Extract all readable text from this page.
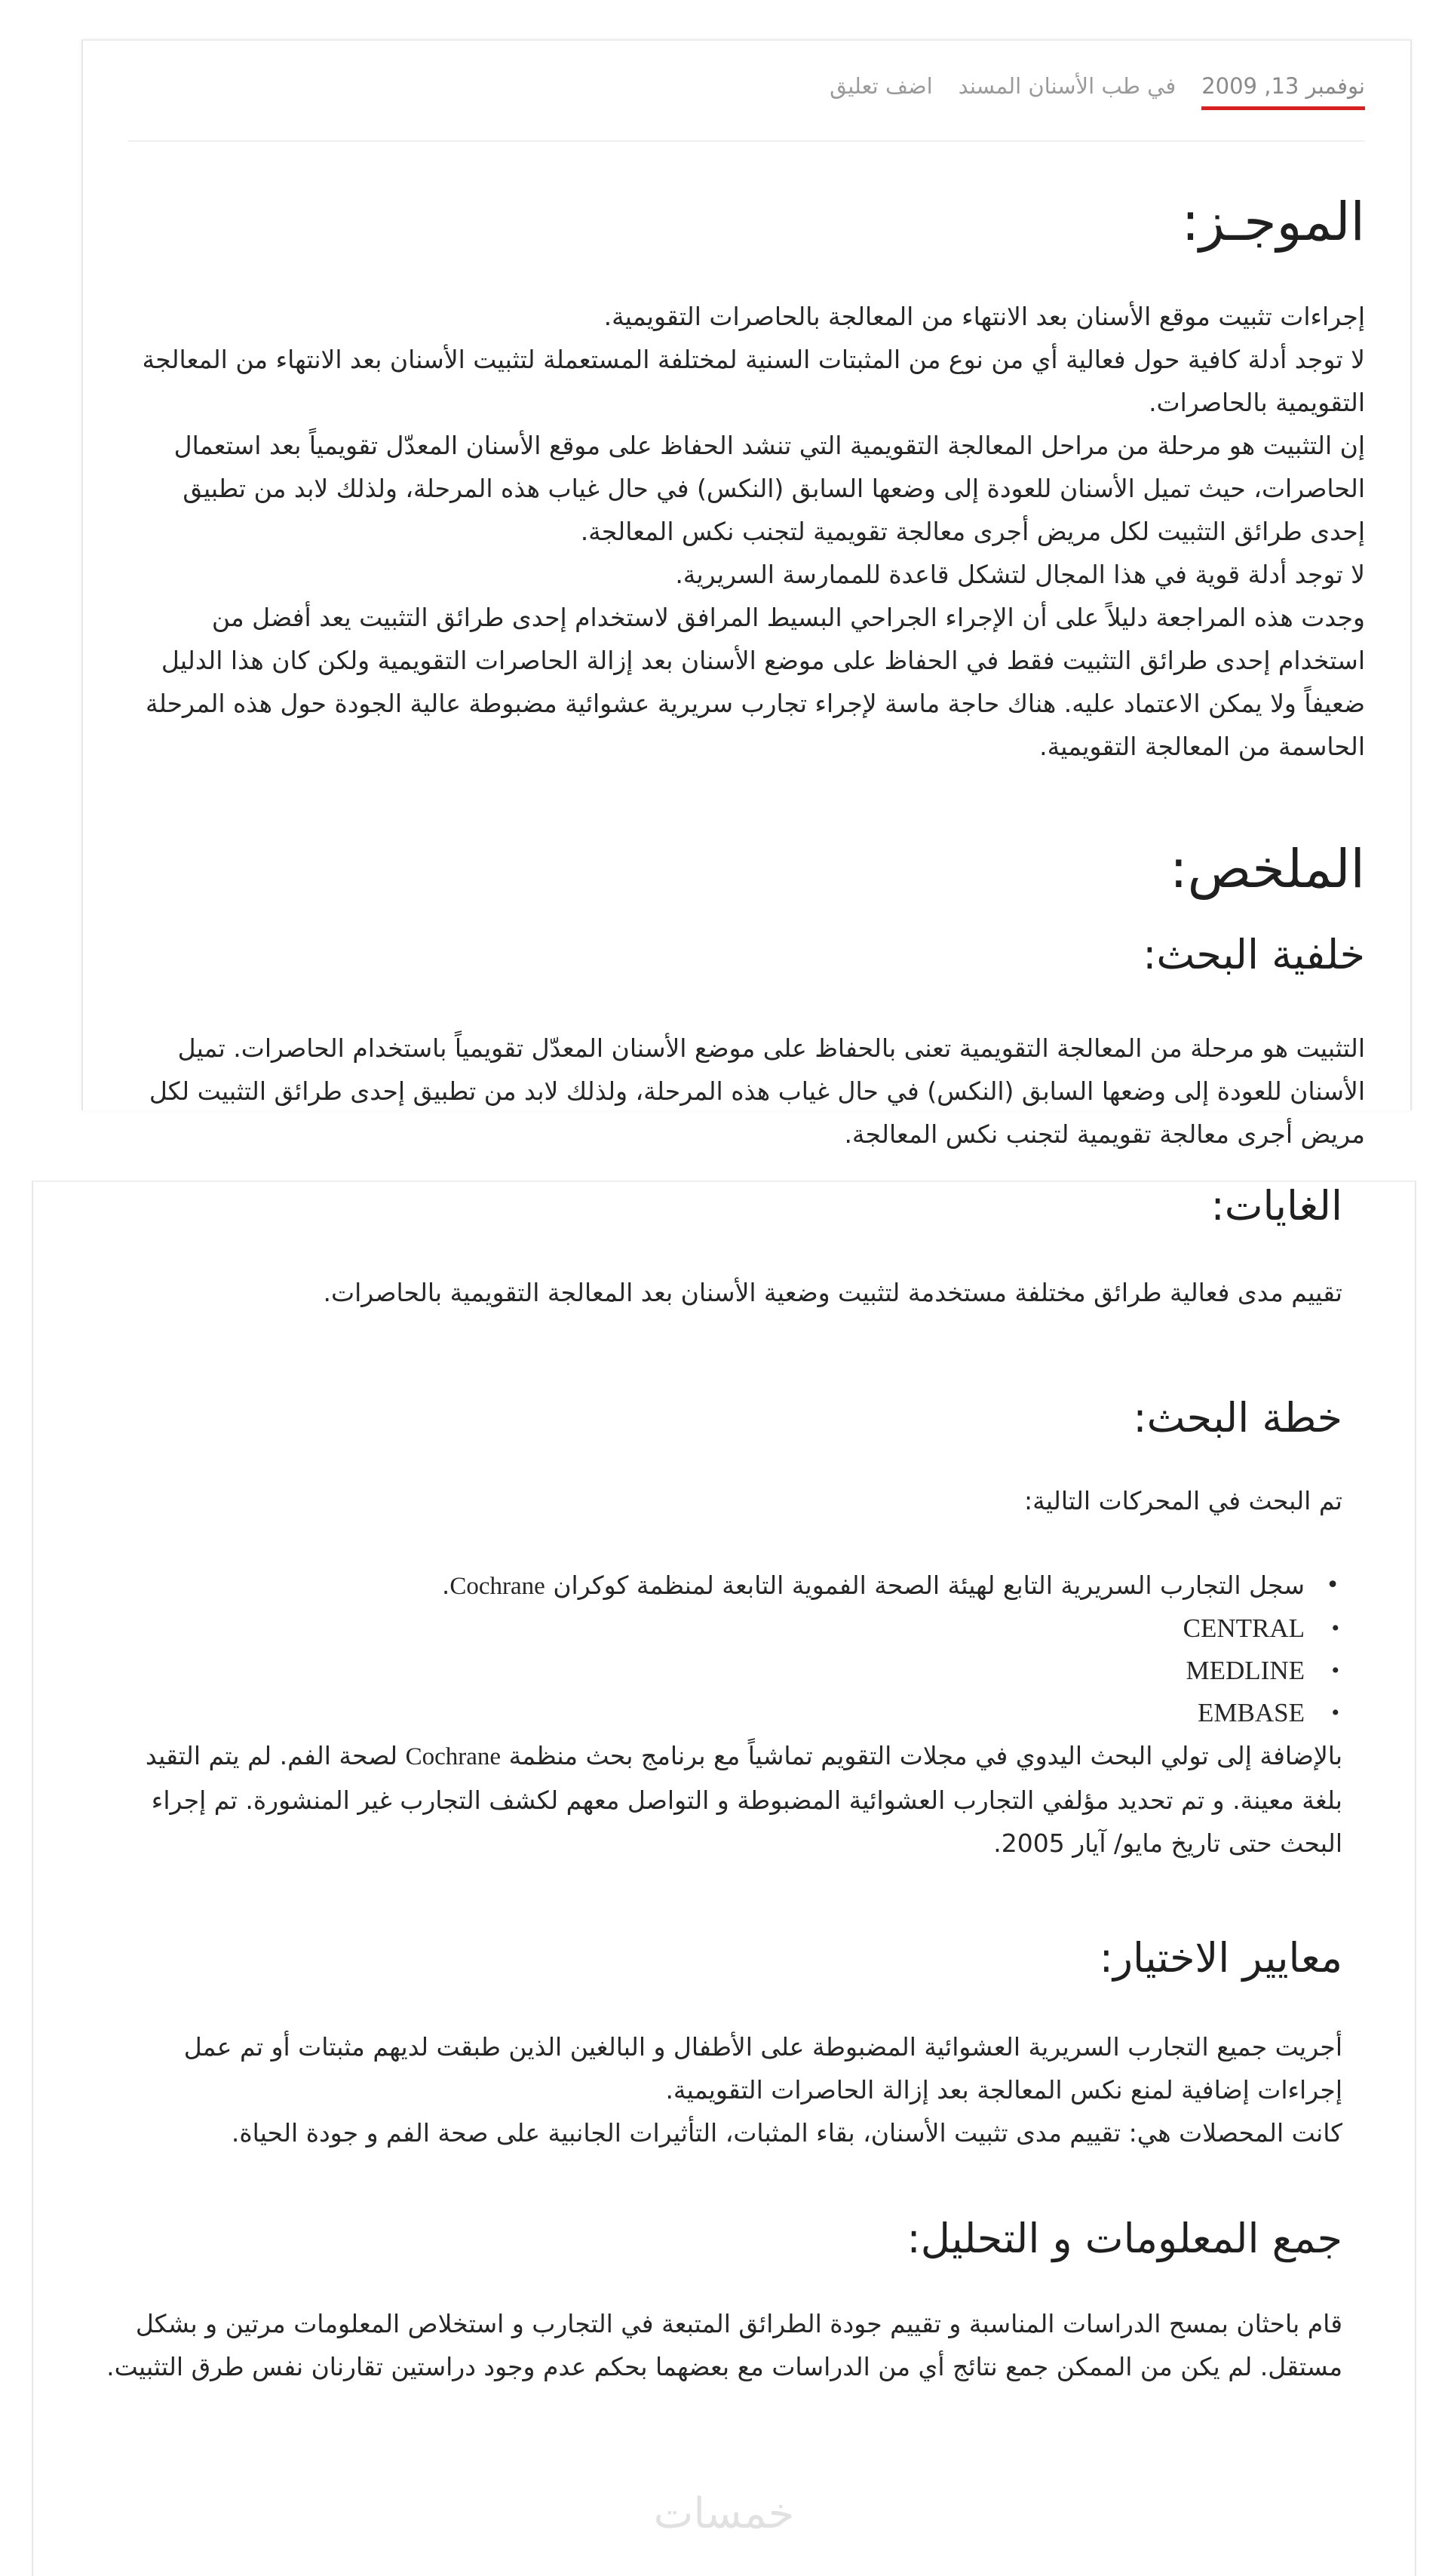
نوفمبر 13, 2009
في طب الأسنان المسند
اضف تعليق
الموجـز:

إجراءات تثبيت موقع الأسنان بعد الانتهاء من المعالجة بالحاصرات التقويمية.

لا توجد أدلة كافية حول فعالية أي من نوع من المثبتات السنية لمختلفة المستعملة لتثبيت الأسنان بعد الانتهاء من المعالجة التقويمية بالحاصرات.

إن التثبيت هو مرحلة من مراحل المعالجة التقويمية التي تنشد الحفاظ على موقع الأسنان المعدّل تقويمياً بعد استعمال الحاصرات، حيث تميل الأسنان للعودة إلى وضعها السابق (النكس) في حال غياب هذه المرحلة، ولذلك لابد من تطبيق إحدى طرائق التثبيت لكل مريض أجرى معالجة تقويمية لتجنب نكس المعالجة.

لا توجد أدلة قوية في هذا المجال لتشكل قاعدة للممارسة السريرية.

وجدت هذه المراجعة دليلاً على أن الإجراء الجراحي البسيط المرافق لاستخدام إحدى طرائق التثبيت يعد أفضل من استخدام إحدى طرائق التثبيت فقط في الحفاظ على موضع الأسنان بعد إزالة الحاصرات التقويمية ولكن كان هذا الدليل ضعيفاً ولا يمكن الاعتماد عليه. هناك حاجة ماسة لإجراء تجارب سريرية عشوائية مضبوطة عالية الجودة حول هذه المرحلة الحاسمة من المعالجة التقويمية.

الملخص:
خلفية البحث:

التثبيت هو مرحلة من المعالجة التقويمية تعنى بالحفاظ على موضع الأسنان المعدّل تقويمياً باستخدام الحاصرات. تميل الأسنان للعودة إلى وضعها السابق (النكس) في حال غياب هذه المرحلة، ولذلك لابد من تطبيق إحدى طرائق التثبيت لكل مريض أجرى معالجة تقويمية لتجنب نكس المعالجة.

الغايات:

تقييم مدى فعالية طرائق مختلفة مستخدمة لتثبيت وضعية الأسنان بعد المعالجة التقويمية بالحاصرات.

خطة البحث:

تم البحث في المحركات التالية:

• سجل التجارب السريرية التابع لهيئة الصحة الفموية التابعة لمنظمة كوكران Cochrane.
• CENTRAL
• MEDLINE
• EMBASE

بالإضافة إلى تولي البحث اليدوي في مجلات التقويم تماشياً مع برنامج بحث منظمة Cochrane لصحة الفم. لم يتم التقيد بلغة معينة. و تم تحديد مؤلفي التجارب العشوائية المضبوطة و التواصل معهم لكشف التجارب غير المنشورة. تم إجراء البحث حتى تاريخ مايو/ آيار 2005.

معايير الاختيار:

أجريت جميع التجارب السريرية العشوائية المضبوطة على الأطفال و البالغين الذين طبقت لديهم مثبتات أو تم عمل إجراءات إضافية لمنع نكس المعالجة بعد إزالة الحاصرات التقويمية.

كانت المحصلات هي: تقييم مدى تثبيت الأسنان، بقاء المثبات، التأثيرات الجانبية على صحة الفم و جودة الحياة.

جمع المعلومات و التحليل:

قام باحثان بمسح الدراسات المناسبة و تقييم جودة الطرائق المتبعة في التجارب و استخلاص المعلومات مرتين و بشكل مستقل. لم يكن من الممكن جمع نتائج أي من الدراسات مع بعضهما بحكم عدم وجود دراستين تقارنان نفس طرق التثبيت.

خمسات
